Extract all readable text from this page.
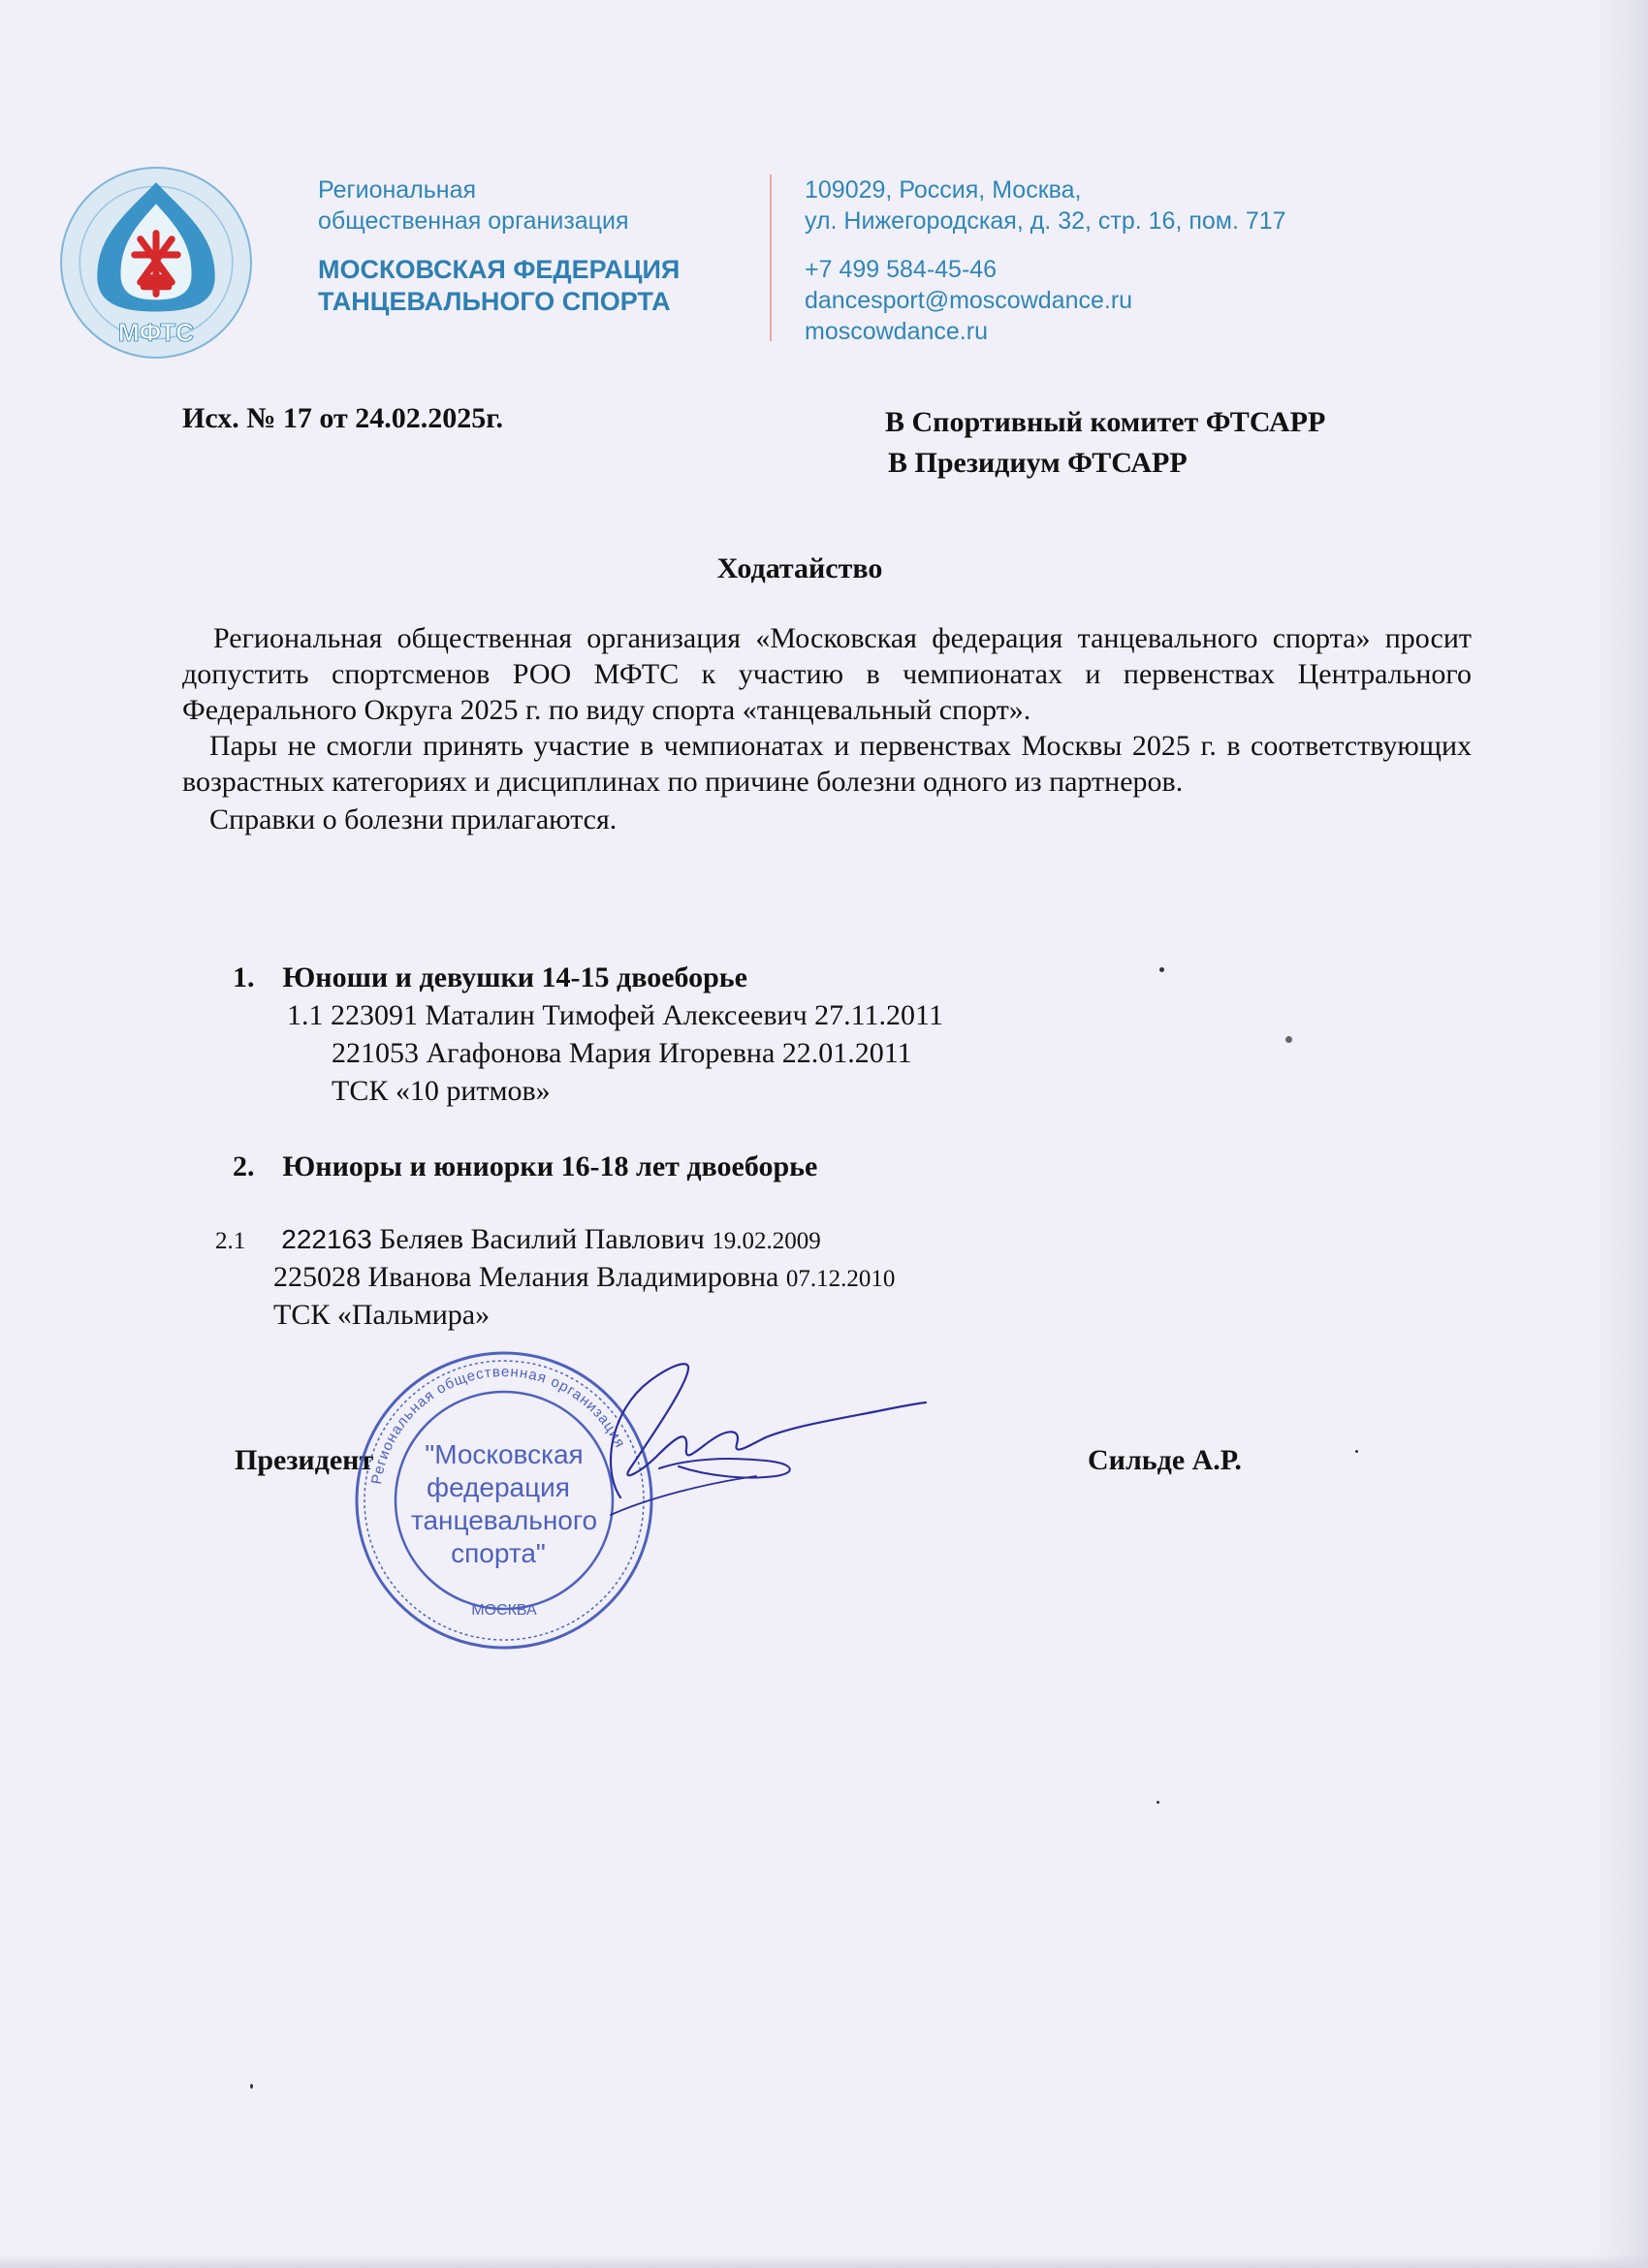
МФТС
Региональная
общественная организация
МОСКОВСКАЯ ФЕДЕРАЦИЯ
ТАНЦЕВАЛЬНОГО СПОРТА
109029, Россия, Москва,
ул. Нижегородская, д. 32, стр. 16, пом. 717
+7 499 584-45-46
dancesport@moscowdance.ru
moscowdance.ru
Исх. № 17 от 24.02.2025г.	В Спортивный комитет ФТСАРР
В Президиум ФТСАРР
Ходатайство

Региональная общественная организация «Московская федерация танцевального спорта» просит допустить спортсменов РОО МФТС к участию в чемпионатах и первенствах Центрального Федерального Округа 2025 г. по виду спорта «танцевальный спорт».

Пары не смогли принять участие в чемпионатах и первенствах Москвы 2025 г. в соответствующих возрастных категориях и дисциплинах по причине болезни одного из партнеров.

Справки о болезни прилагаются.

1. Юноши и девушки 14-15 двоеборье
1.1 223091 Маталин Тимофей Алексеевич 27.11.2011
221053 Агафонова Мария Игоревна 22.01.2011
ТСК «10 ритмов»
2. Юниоры и юниорки 16-18 лет двоеборье
2.1 222163 Беляев Василий Павлович 19.02.2009
225028 Иванова Мелания Владимировна 07.12.2010
ТСК «Пальмира»
Президент	Сильде А.Р.
Региональная общественная организация
МОСКВА
"Московская
федерация
танцевального
спорта"
